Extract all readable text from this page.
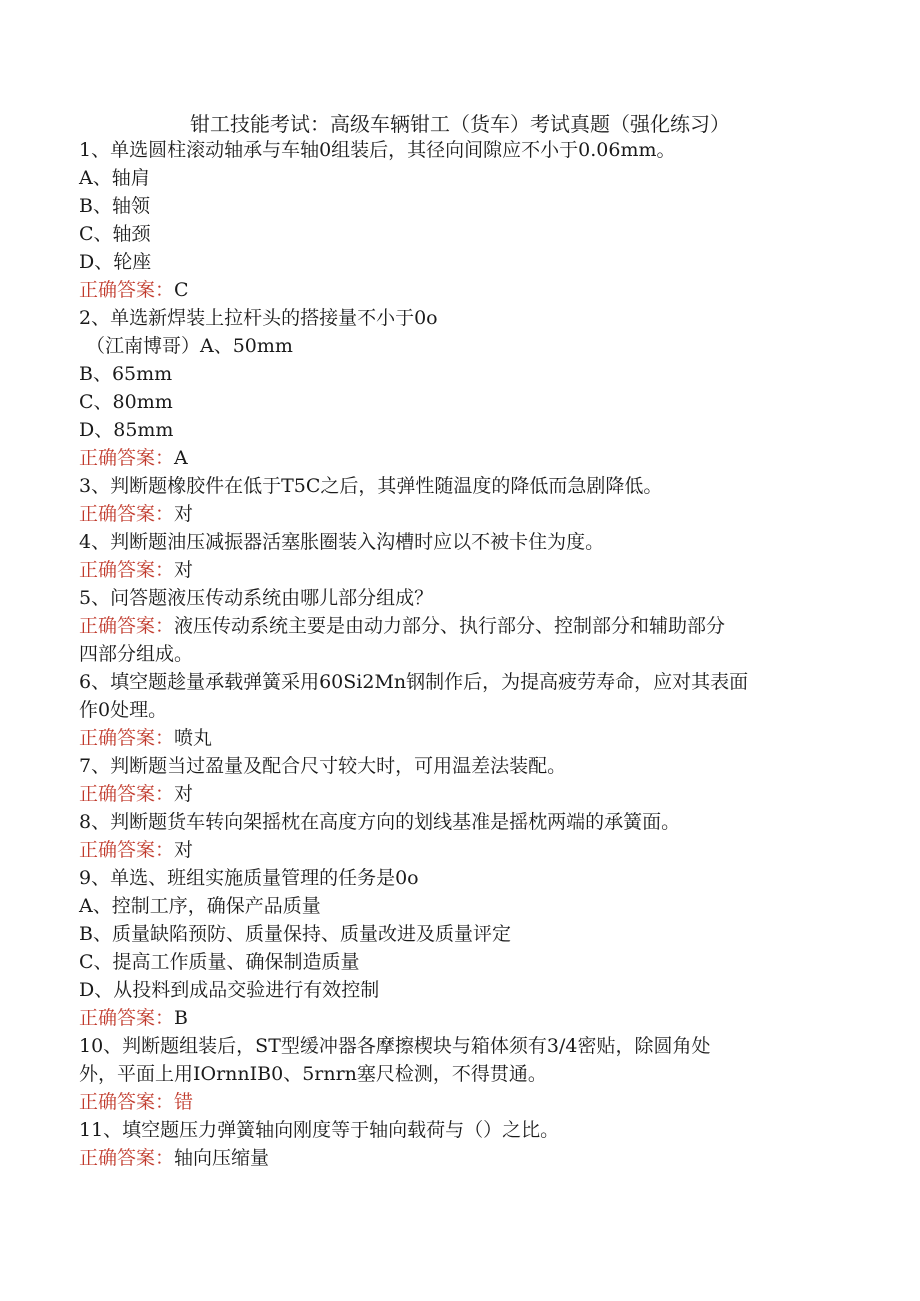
钳工技能考试：高级车辆钳工（货车）考试真题（强化练习）
1、单选圆柱滚动轴承与车轴0组装后，其径向间隙应不小于0.06mm。
A、轴肩
B、轴领
C、轴颈
D、轮座
正确答案：C
2、单选新焊装上拉杆头的搭接量不小于0o
（江南博哥）A、50mm
B、65mm
C、80mm
D、85mm
正确答案：A
3、判断题橡胶件在低于T5C之后，其弹性随温度的降低而急剧降低。
正确答案：对
4、判断题油压减振器活塞胀圈装入沟槽时应以不被卡住为度。
正确答案：对
5、问答题液压传动系统由哪儿部分组成？
正确答案：液压传动系统主要是由动力部分、执行部分、控制部分和辅助部分
四部分组成。
6、填空题趁量承载弹簧采用60Si2Mn钢制作后，为提高疲劳寿命，应对其表面
作0处理。
正确答案：喷丸
7、判断题当过盈量及配合尺寸较大时，可用温差法装配。
正确答案：对
8、判断题货车转向架摇枕在高度方向的划线基准是摇枕两端的承簧面。
正确答案：对
9、单选、班组实施质量管理的任务是0o
A、控制工序，确保产品质量
B、质量缺陷预防、质量保持、质量改进及质量评定
C、提高工作质量、确保制造质量
D、从投料到成品交验进行有效控制
正确答案：B
10、判断题组装后，ST型缓冲器各摩擦楔块与箱体须有3/4密贴，除圆角处
外，平面上用IOrnnIB0、5rnrn塞尺检测，不得贯通。
正确答案：错
11、填空题压力弹簧轴向刚度等于轴向载荷与（）之比。
正确答案：轴向压缩量
